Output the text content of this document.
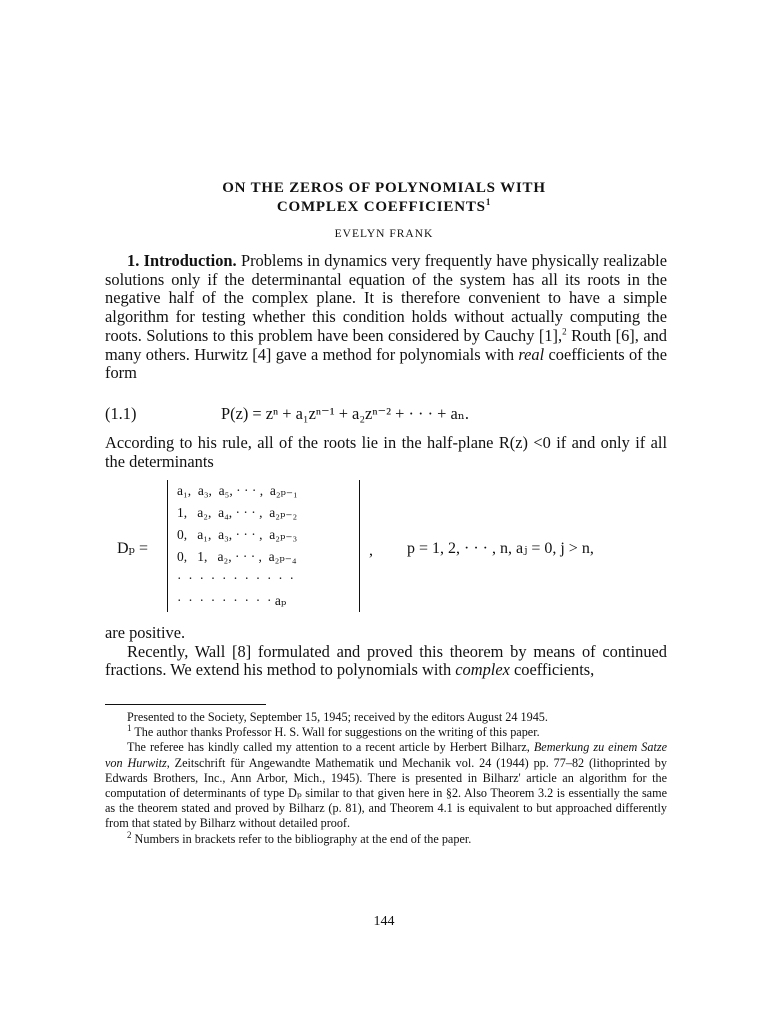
ON THE ZEROS OF POLYNOMIALS WITH
COMPLEX COEFFICIENTS$^1$
EVELYN FRANK

1. Introduction. Problems in dynamics very frequently have physically realizable solutions only if the determinantal equation of the system has all its roots in the negative half of the complex plane. It is therefore convenient to have a simple algorithm for testing whether this condition holds without actually computing the roots. Solutions to this problem have been considered by Cauchy [1],$^2$ Routh [6], and many others. Hurwitz [4] gave a method for polynomials with real coefficients of the form

(1.1)	P(z) = zⁿ + a₁zⁿ⁻¹ + a₂zⁿ⁻² + · · · + aₙ.

According to his rule, all of the roots lie in the half-plane R(z) <0 if and only if all the determinants

Dₚ =
a₁,  a₃,  a₅, · · · ,  a₂ₚ₋₁
1,   a₂,  a₄, · · · ,  a₂ₚ₋₂
0,   a₁,  a₃, · · · ,  a₂ₚ₋₃
0,   1,   a₂, · · · ,  a₂ₚ₋₄
·  ·  ·  ·  ·  ·  ·  ·  ·  ·  ·
·  ·  ·  ·  ·  ·  ·  ·  · aₚ
, p = 1, 2, · · · , n, aⱼ = 0, j > n,

are positive.

Recently, Wall [8] formulated and proved this theorem by means of continued fractions. We extend his method to polynomials with complex coefficients,

Presented to the Society, September 15, 1945; received by the editors August 24 1945.

$^1$ The author thanks Professor H. S. Wall for suggestions on the writing of this paper.

The referee has kindly called my attention to a recent article by Herbert Bilharz, Bemerkung zu einem Satze von Hurwitz, Zeitschrift für Angewandte Mathematik und Mechanik vol. 24 (1944) pp. 77–82 (lithoprinted by Edwards Brothers, Inc., Ann Arbor, Mich., 1945). There is presented in Bilharz' article an algorithm for the computation of determinants of type Dₚ similar to that given here in §2. Also Theorem 3.2 is essentially the same as the theorem stated and proved by Bilharz (p. 81), and Theorem 4.1 is equivalent to but approached differently from that stated by Bilharz without detailed proof.

$^2$ Numbers in brackets refer to the bibliography at the end of the paper.

144
